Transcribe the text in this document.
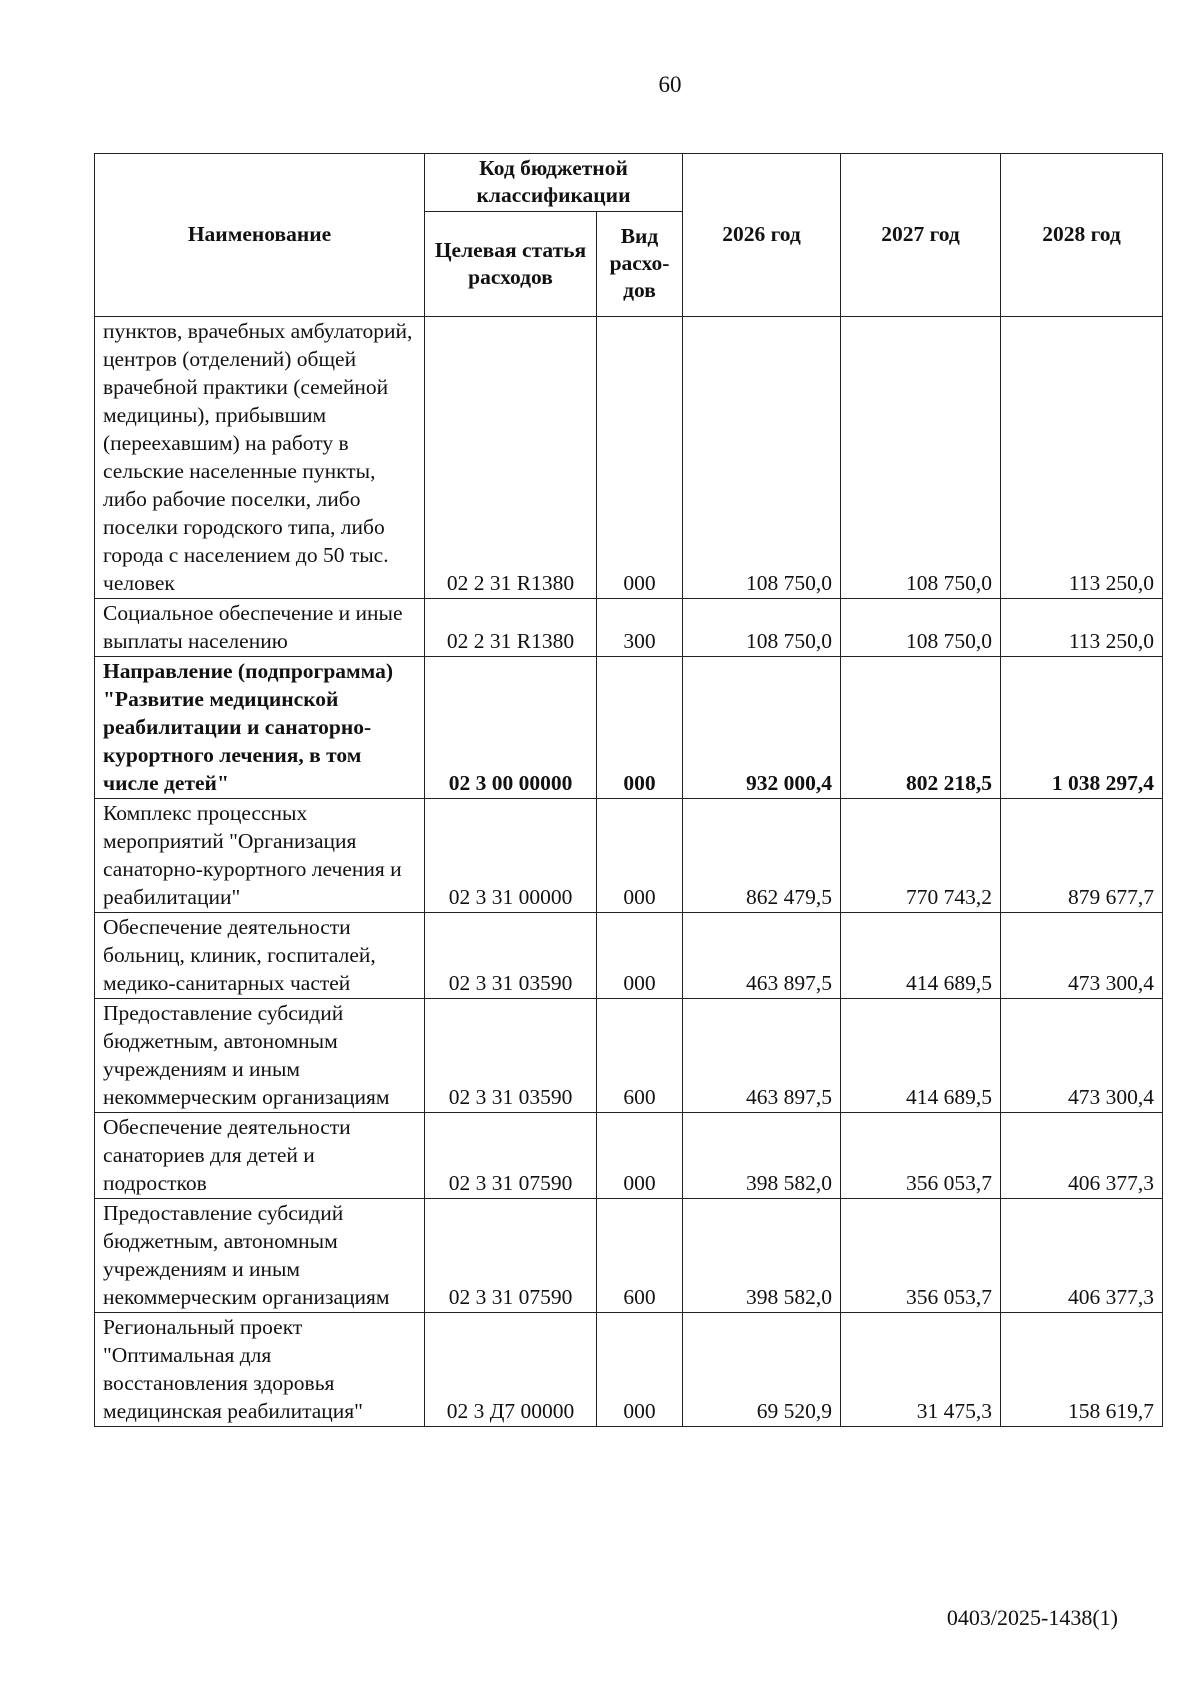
60
Наименование	Код бюджетной классификации		2026 год	2027 год	2028 год
	Целевая статья расходов	Вид расхо-дов			
пунктов, врачебных амбулаторий, центров (отделений) общей врачебной практики (семейной медицины), прибывшим (переехавшим) на работу в сельские населенные пункты, либо рабочие поселки, либо поселки городского типа, либо города с населением до 50 тыс. человек	02 2 31 R1380	000	108 750,0	108 750,0	113 250,0
Социальное обеспечение и иные выплаты населению	02 2 31 R1380	300	108 750,0	108 750,0	113 250,0
Направление (подпрограмма) "Развитие медицинской реабилитации и санаторно-курортного лечения, в том числе детей"	02 3 00 00000	000	932 000,4	802 218,5	1 038 297,4
Комплекс процессных мероприятий "Организация санаторно-курортного лечения и реабилитации"	02 3 31 00000	000	862 479,5	770 743,2	879 677,7
Обеспечение деятельности больниц, клиник, госпиталей, медико-санитарных частей	02 3 31 03590	000	463 897,5	414 689,5	473 300,4
Предоставление субсидий бюджетным, автономным учреждениям и иным некоммерческим организациям	02 3 31 03590	600	463 897,5	414 689,5	473 300,4
Обеспечение деятельности санаториев для детей и подростков	02 3 31 07590	000	398 582,0	356 053,7	406 377,3
Предоставление субсидий бюджетным, автономным учреждениям и иным некоммерческим организациям	02 3 31 07590	600	398 582,0	356 053,7	406 377,3
Региональный проект "Оптимальная для восстановления здоровья медицинская реабилитация"	02 3 Д7 00000	000	69 520,9	31 475,3	158 619,7
0403/2025-1438(1)
